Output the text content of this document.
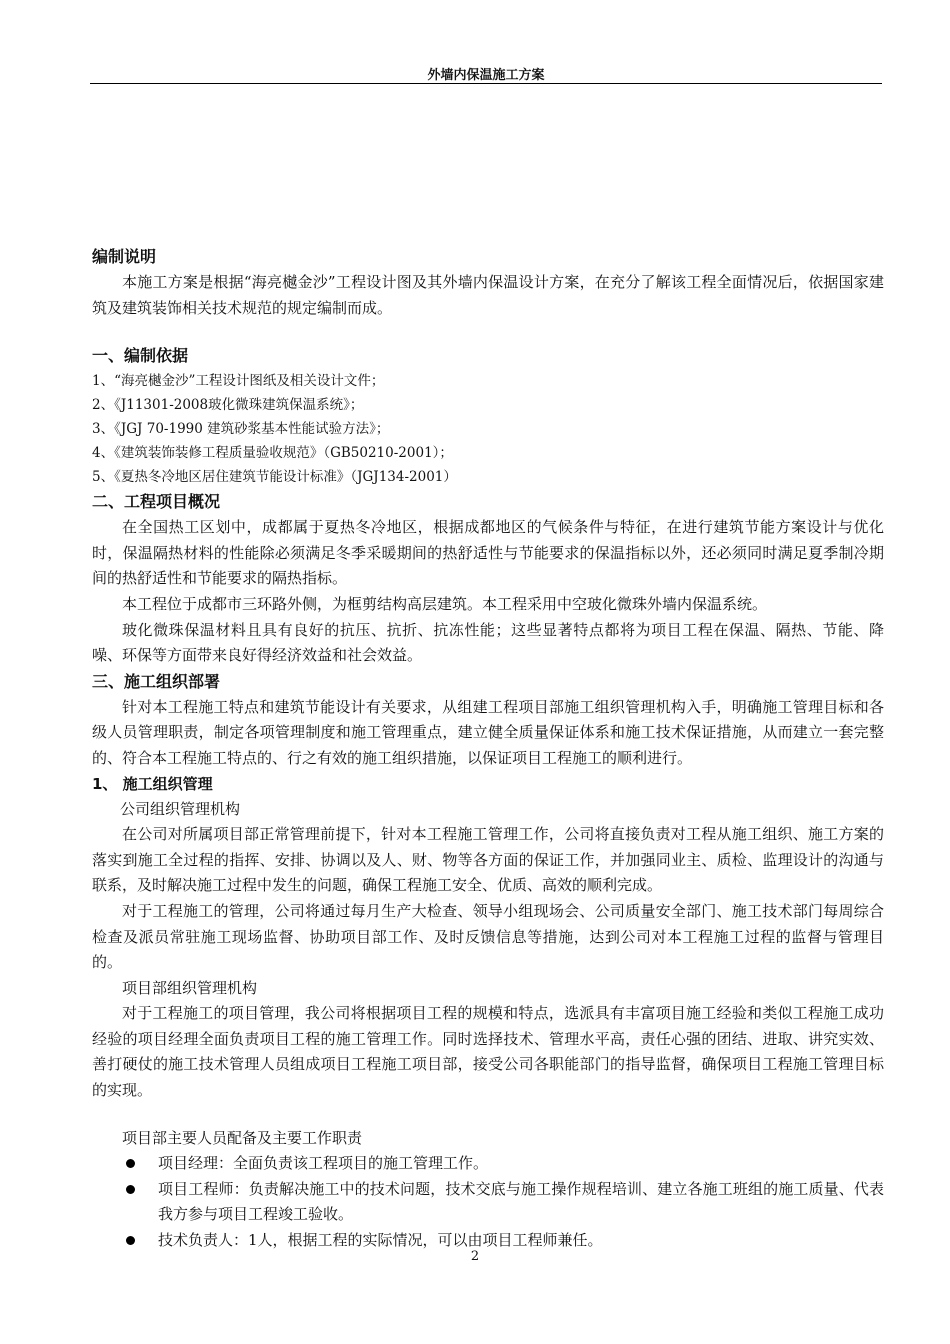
外墙内保温施工方案
编制说明

本施工方案是根据“海亮樾金沙”工程设计图及其外墙内保温设计方案，在充分了解该工程全面情况后，依据国家建筑及建筑装饰相关技术规范的规定编制而成。

一、编制依据

1、“海亮樾金沙”工程设计图纸及相关设计文件；

2、《J11301-2008玻化微珠建筑保温系统》；

3、《JGJ 70-1990 建筑砂浆基本性能试验方法》；

4、《建筑装饰装修工程质量验收规范》（GB50210-2001）；

5、《夏热冬冷地区居住建筑节能设计标准》（JGJ134-2001）

二、工程项目概况

在全国热工区划中，成都属于夏热冬冷地区，根据成都地区的气候条件与特征，在进行建筑节能方案设计与优化时，保温隔热材料的性能除必须满足冬季采暖期间的热舒适性与节能要求的保温指标以外，还必须同时满足夏季制冷期间的热舒适性和节能要求的隔热指标。

本工程位于成都市三环路外侧，为框剪结构高层建筑。本工程采用中空玻化微珠外墙内保温系统。

玻化微珠保温材料且具有良好的抗压、抗折、抗冻性能；这些显著特点都将为项目工程在保温、隔热、节能、降噪、环保等方面带来良好得经济效益和社会效益。

三、施工组织部署

针对本工程施工特点和建筑节能设计有关要求，从组建工程项目部施工组织管理机构入手，明确施工管理目标和各级人员管理职责，制定各项管理制度和施工管理重点，建立健全质量保证体系和施工技术保证措施，从而建立一套完整的、符合本工程施工特点的、行之有效的施工组织措施，以保证项目工程施工的顺利进行。

1、 施工组织管理

公司组织管理机构

在公司对所属项目部正常管理前提下，针对本工程施工管理工作，公司将直接负责对工程从施工组织、施工方案的落实到施工全过程的指挥、安排、协调以及人、财、物等各方面的保证工作，并加强同业主、质检、监理设计的沟通与联系，及时解决施工过程中发生的问题，确保工程施工安全、优质、高效的顺利完成。

对于工程施工的管理，公司将通过每月生产大检查、领导小组现场会、公司质量安全部门、施工技术部门每周综合检查及派员常驻施工现场监督、协助项目部工作、及时反馈信息等措施，达到公司对本工程施工过程的监督与管理目的。

项目部组织管理机构

对于工程施工的项目管理，我公司将根据项目工程的规模和特点，选派具有丰富项目施工经验和类似工程施工成功经验的项目经理全面负责项目工程的施工管理工作。同时选择技术、管理水平高，责任心强的团结、进取、讲究实效、善打硬仗的施工技术管理人员组成项目工程施工项目部，接受公司各职能部门的指导监督，确保项目工程施工管理目标的实现。

项目部主要人员配备及主要工作职责

项目经理：全面负责该工程项目的施工管理工作。
项目工程师：负责解决施工中的技术问题，技术交底与施工操作规程培训、建立各施工班组的施工质量、代表我方参与项目工程竣工验收。
技术负责人：1人，根据工程的实际情况，可以由项目工程师兼任。
2
